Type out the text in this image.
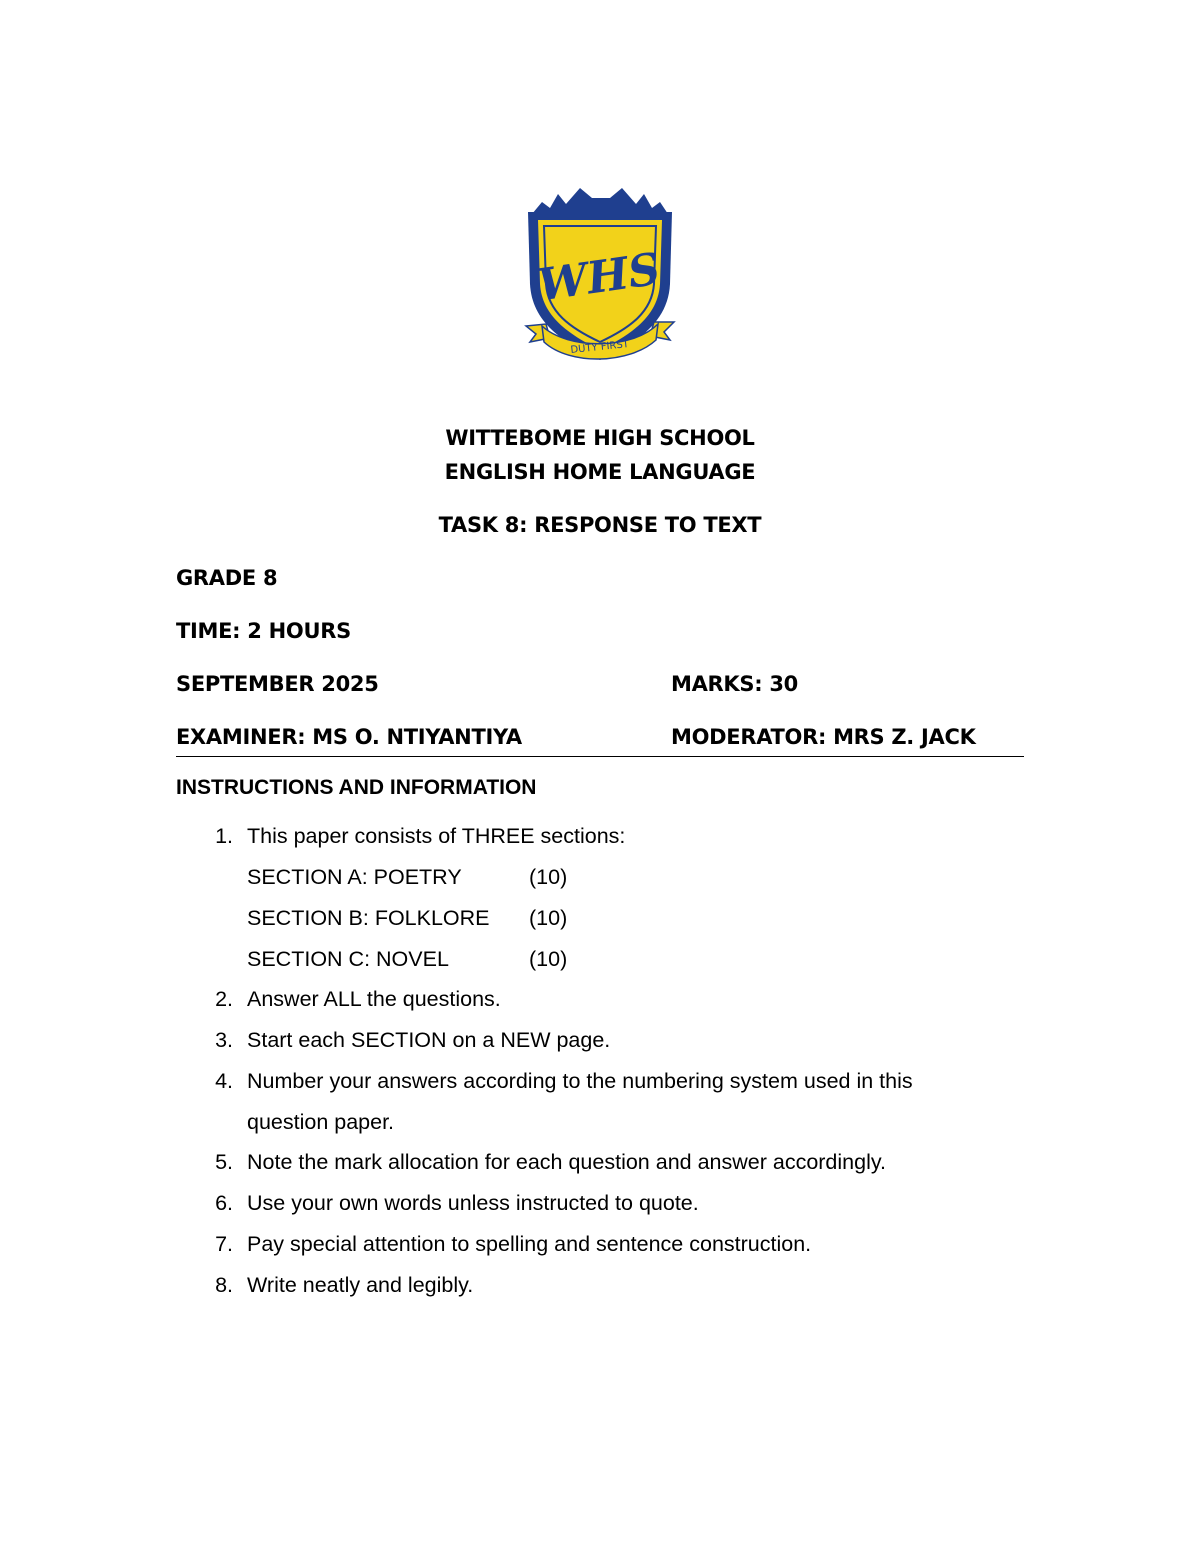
WHS
DUTY FIRST
WITTEBOME HIGH SCHOOL
ENGLISH HOME LANGUAGE
TASK 8: RESPONSE TO TEXT
GRADE 8
TIME: 2 HOURS
SEPTEMBER 2025	MARKS: 30
EXAMINER: MS O. NTIYANTIYA	MODERATOR: MRS Z. JACK
INSTRUCTIONS AND INFORMATION
1. This paper consists of THREE sections:
SECTION A: POETRY	(10)
SECTION B: FOLKLORE (10)
SECTION C: NOVEL	(10)
2. Answer ALL the questions.
3. Start each SECTION on a NEW page.
4. Number your answers according to the numbering system used in this
question paper.
5. Note the mark allocation for each question and answer accordingly.
6. Use your own words unless instructed to quote.
7. Pay special attention to spelling and sentence construction.
8. Write neatly and legibly.
